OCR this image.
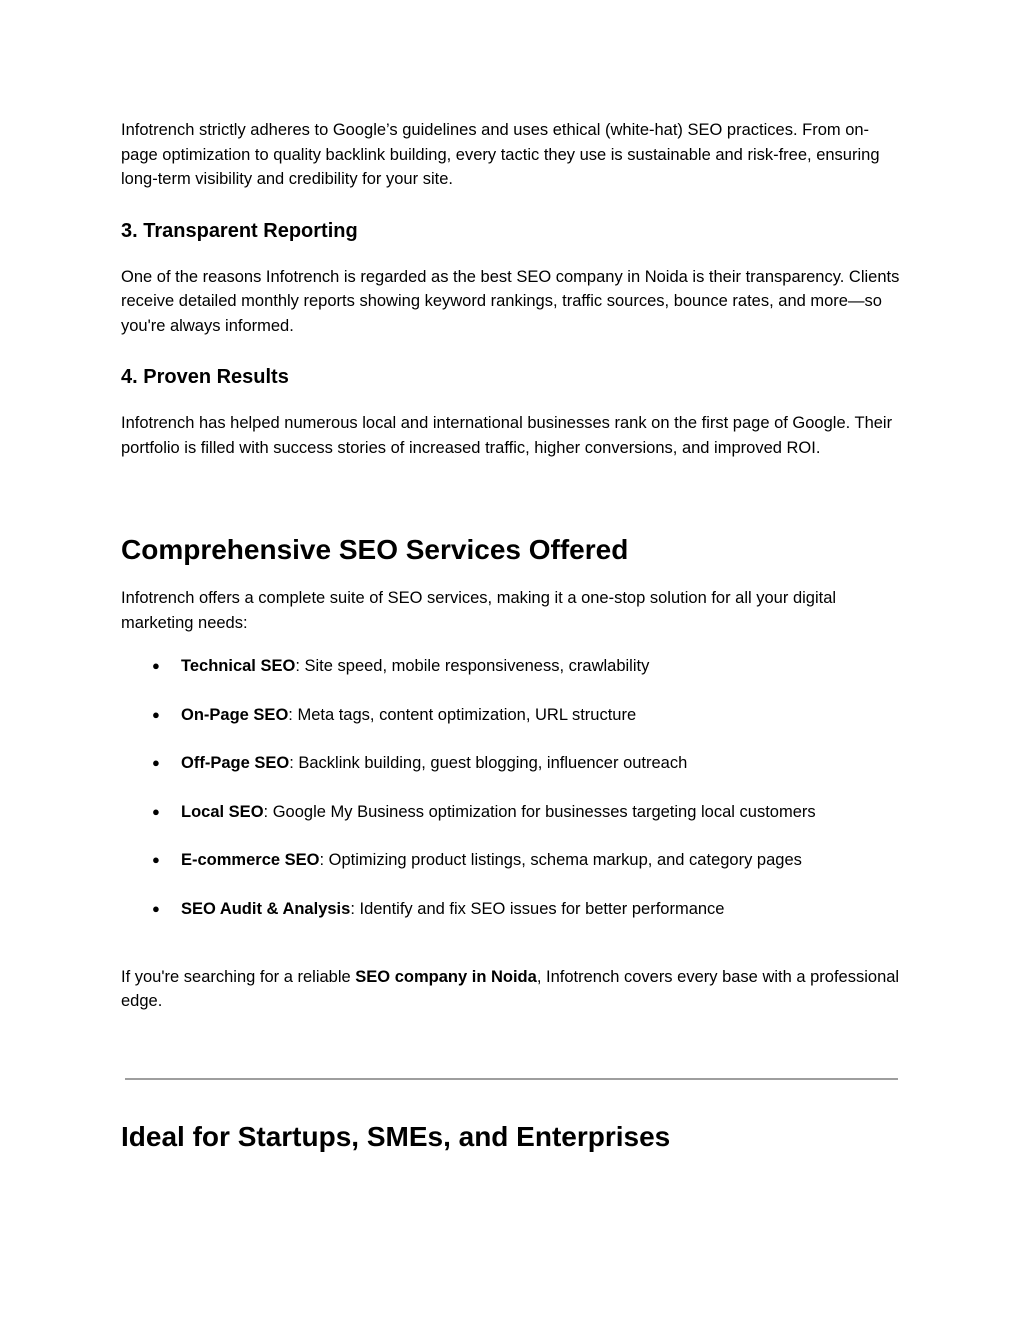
Infotrench strictly adheres to Google’s guidelines and uses ethical (white-hat) SEO practices. From on-page optimization to quality backlink building, every tactic they use is sustainable and risk-free, ensuring long-term visibility and credibility for your site.

3. Transparent Reporting

One of the reasons Infotrench is regarded as the best SEO company in Noida is their transparency. Clients receive detailed monthly reports showing keyword rankings, traffic sources, bounce rates, and more—so you're always informed.

4. Proven Results

Infotrench has helped numerous local and international businesses rank on the first page of Google. Their portfolio is filled with success stories of increased traffic, higher conversions, and improved ROI.

Comprehensive SEO Services Offered

Infotrench offers a complete suite of SEO services, making it a one-stop solution for all your digital marketing needs:

● Technical SEO: Site speed, mobile responsiveness, crawlability
● On-Page SEO: Meta tags, content optimization, URL structure
● Off-Page SEO: Backlink building, guest blogging, influencer outreach
● Local SEO: Google My Business optimization for businesses targeting local customers
● E-commerce SEO: Optimizing product listings, schema markup, and category pages
● SEO Audit & Analysis: Identify and fix SEO issues for better performance

If you're searching for a reliable SEO company in Noida, Infotrench covers every base with a professional edge.

Ideal for Startups, SMEs, and Enterprises
